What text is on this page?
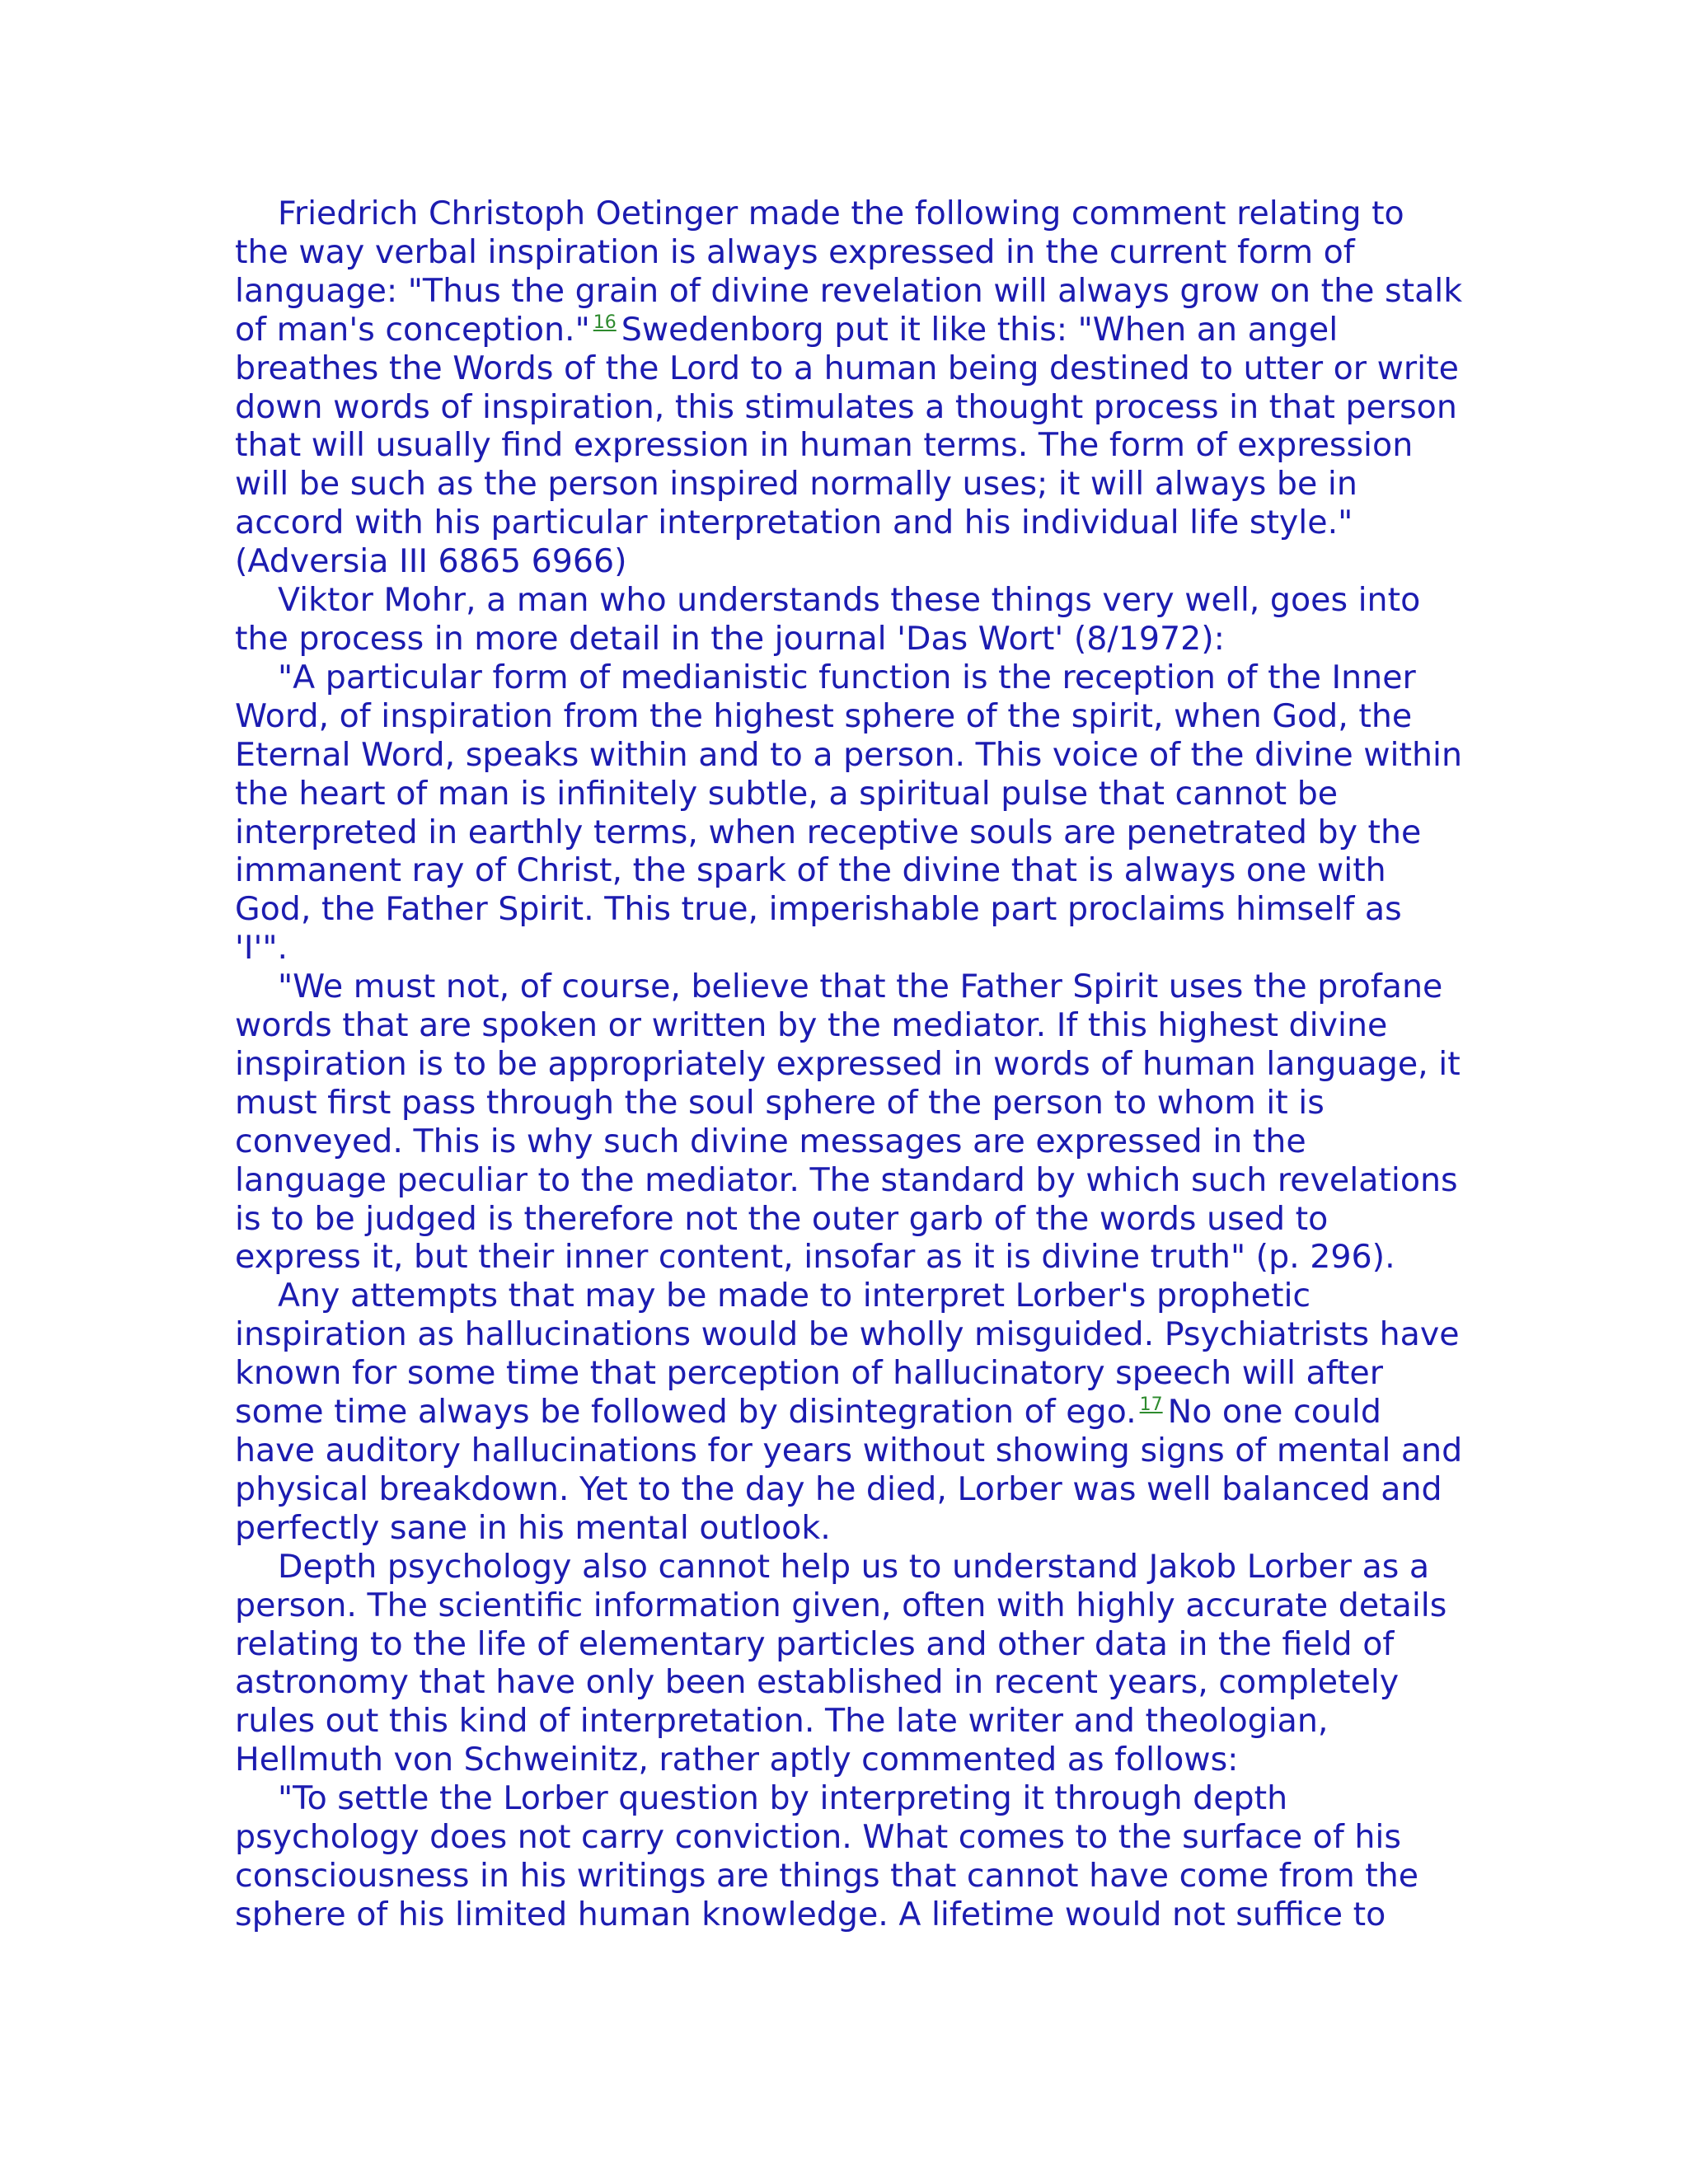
Friedrich Christoph Oetinger made the following comment relating to the way verbal inspiration is always expressed in the current form of language: "Thus the grain of divine revelation will always grow on the stalk of man's conception." $^{16}$ Swedenborg put it like this: "When an angel breathes the Words of the Lord to a human being destined to utter or write down words of inspiration, this stimulates a thought process in that person that will usually find expression in human terms. The form of expression will be such as the person inspired normally uses; it will always be in accord with his particular interpretation and his individual life style." (Adversia III 6865 6966)

Viktor Mohr, a man who understands these things very well, goes into the process in more detail in the journal 'Das Wort' (8/1972):

"A particular form of medianistic function is the reception of the Inner Word, of inspiration from the highest sphere of the spirit, when God, the Eternal Word, speaks within and to a person. This voice of the divine within the heart of man is infinitely subtle, a spiritual pulse that cannot be interpreted in earthly terms, when receptive souls are penetrated by the immanent ray of Christ, the spark of the divine that is always one with God, the Father Spirit. This true, imperishable part proclaims himself as 'I'".

"We must not, of course, believe that the Father Spirit uses the profane words that are spoken or written by the mediator. If this highest divine inspiration is to be appropriately expressed in words of human language, it must first pass through the soul sphere of the person to whom it is conveyed. This is why such divine messages are expressed in the language peculiar to the mediator. The standard by which such revelations is to be judged is therefore not the outer garb of the words used to express it, but their inner content, insofar as it is divine truth" (p. 296).

Any attempts that may be made to interpret Lorber's prophetic inspiration as hallucinations would be wholly misguided. Psychiatrists have known for some time that perception of hallucinatory speech will after some time always be followed by disintegration of ego. $^{17}$ No one could have auditory hallucinations for years without showing signs of mental and physical breakdown. Yet to the day he died, Lorber was well balanced and perfectly sane in his mental outlook.

Depth psychology also cannot help us to understand Jakob Lorber as a person. The scientific information given, often with highly accurate details relating to the life of elementary particles and other data in the field of astronomy that have only been established in recent years, completely rules out this kind of interpretation. The late writer and theologian, Hellmuth von Schweinitz, rather aptly commented as follows:

"To settle the Lorber question by interpreting it through depth psychology does not carry conviction. What comes to the surface of his consciousness in his writings are things that cannot have come from the sphere of his limited human knowledge. A lifetime would not suffice to
